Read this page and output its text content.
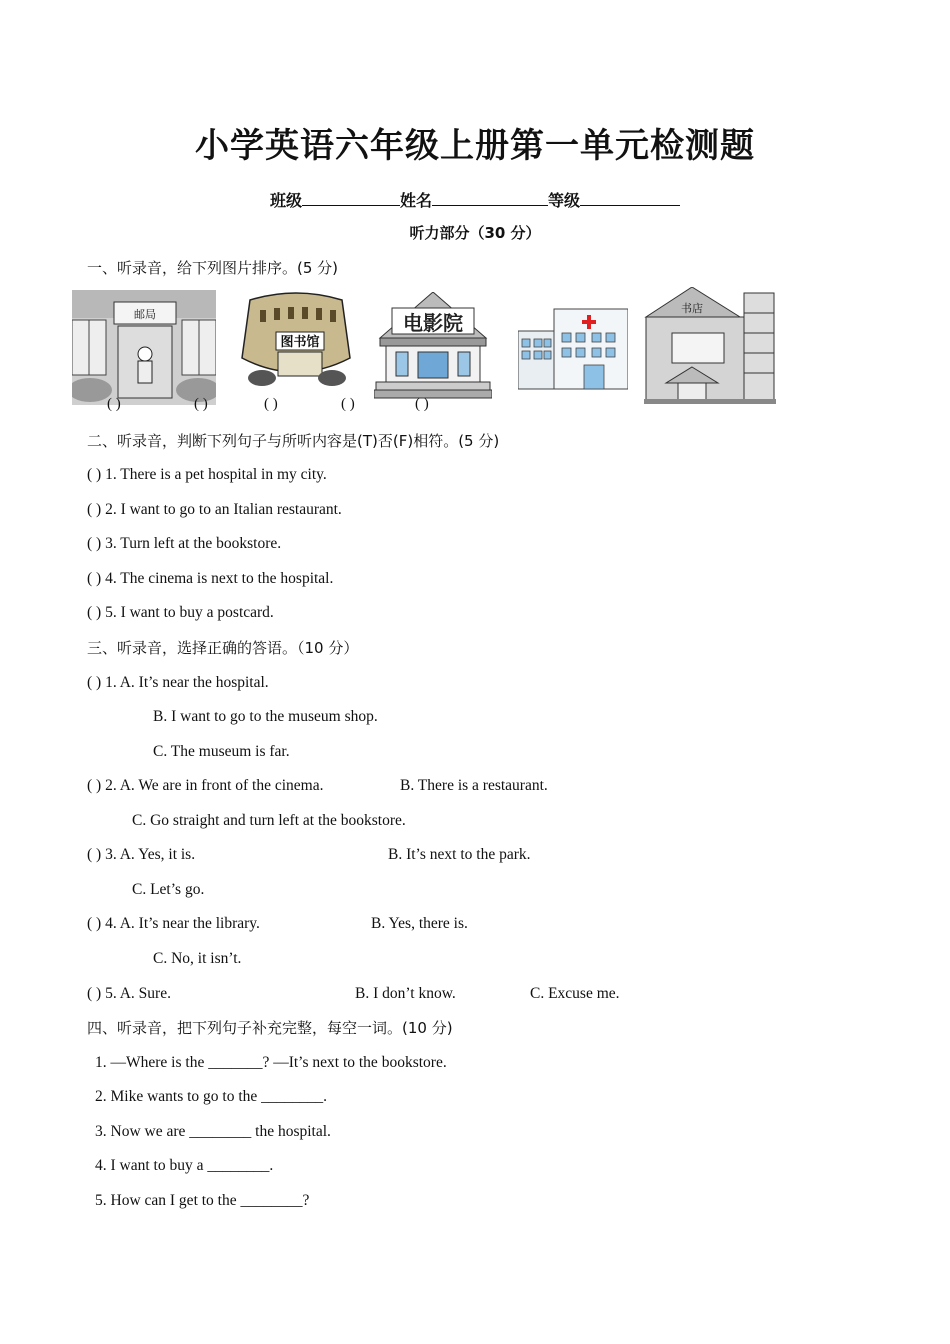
小学英语六年级上册第一单元检测题
班级	姓名	等级
听力部分（30 分）
一、听录音，给下列图片排序。(5 分)
邮局
图书馆
电影院
书店
( )	( )	( )	( )	( )
二、听录音，判断下列句子与所听内容是(T)否(F)相符。(5 分)
( ) 1. There is a pet hospital in my city.
( ) 2. I want to go to an Italian restaurant.
( ) 3. Turn left at the bookstore.
( ) 4. The cinema is next to the hospital.
( ) 5. I want to buy a postcard.
三、听录音，选择正确的答语。（10 分）
( ) 1. A. It’s near the hospital.
B. I want to go to the museum shop.
C. The museum is far.
( ) 2. A. We are in front of the cinema.	B. There is a restaurant.
C. Go straight and turn left at the bookstore.
( ) 3. A. Yes, it is.	B. It’s next to the park.
C. Let’s go.
( ) 4. A. It’s near the library.	B. Yes, there is.
C. No, it isn’t.
( ) 5. A. Sure.	B. I don’t know.	C. Excuse me.
四、听录音，把下列句子补充完整，每空一词。(10 分)
1. —Where is the _______? —It’s next to the bookstore.
2. Mike wants to go to the ________.
3. Now we are ________ the hospital.
4. I want to buy a ________.
5. How can I get to the ________?
